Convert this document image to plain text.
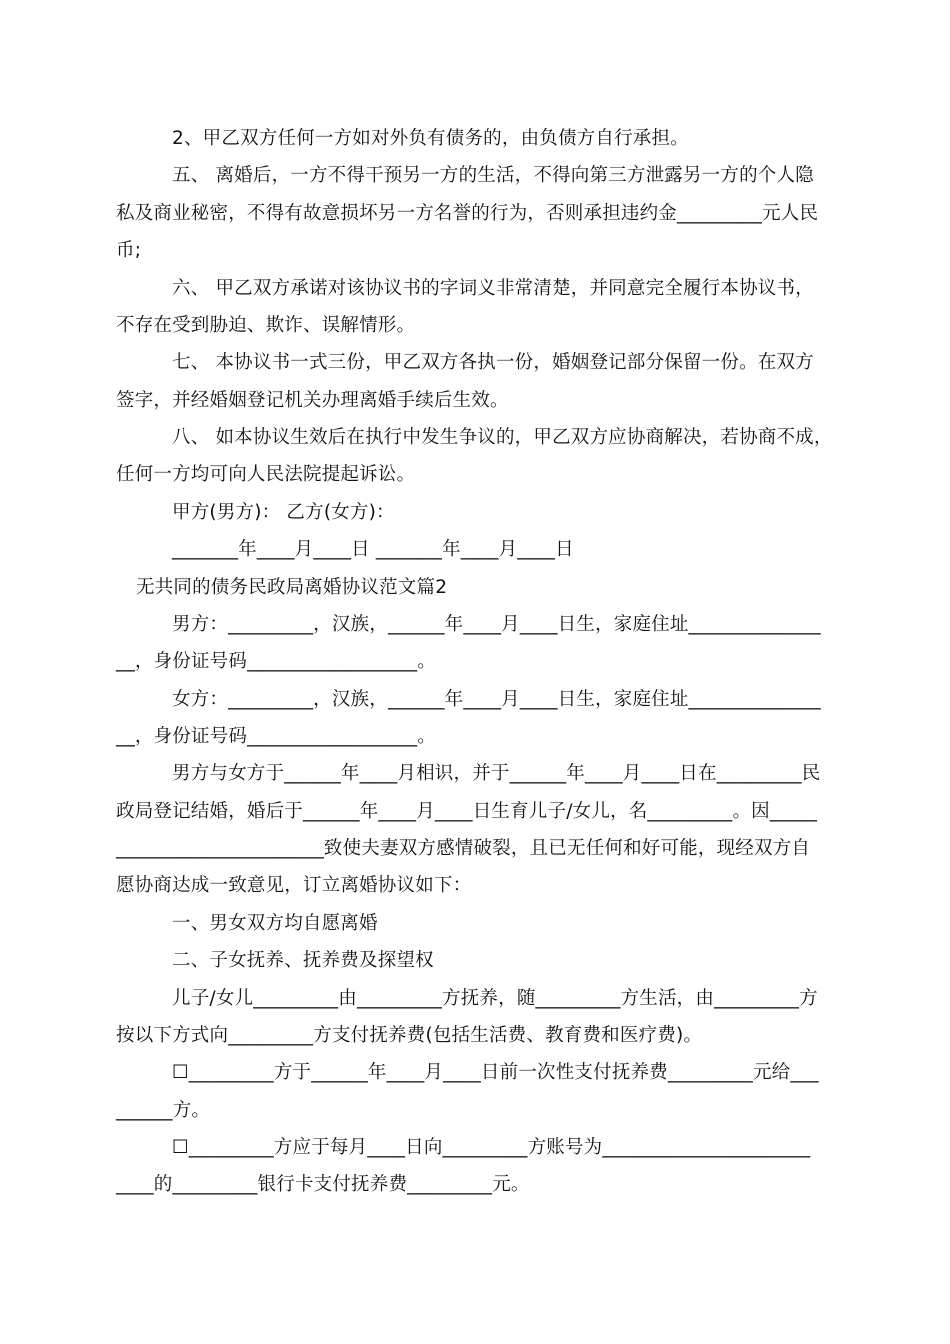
2、甲乙双方任何一方如对外负有债务的，由负债方自行承担。
五、 离婚后，一方不得干预另一方的生活，不得向第三方泄露另一方的个人隐
私及商业秘密，不得有故意损坏另一方名誉的行为，否则承担违约金_________元人民
币;
六、 甲乙双方承诺对该协议书的字词义非常清楚，并同意完全履行本协议书，
不存在受到胁迫、欺诈、误解情形。
七、 本协议书一式三份，甲乙双方各执一份，婚姻登记部分保留一份。在双方
签字，并经婚姻登记机关办理离婚手续后生效。
八、 如本协议生效后在执行中发生争议的，甲乙双方应协商解决，若协商不成，
任何一方均可向人民法院提起诉讼。
甲方(男方)： 乙方(女方)：
_______年____月____日 _______年____月____日
无共同的债务民政局离婚协议范文篇2
男方：_________，汉族，______年____月____日生，家庭住址______________
__，身份证号码__________________。
女方：_________，汉族，______年____月____日生，家庭住址______________
__，身份证号码__________________。
男方与女方于______年____月相识，并于______年____月____日在_________民
政局登记结婚，婚后于______年____月____日生育儿子/女儿，名_________。因_____
______________________致使夫妻双方感情破裂，且已无任何和好可能，现经双方自
愿协商达成一致意见，订立离婚协议如下：
一、男女双方均自愿离婚
二、子女抚养、抚养费及探望权
儿子/女儿_________由_________方抚养，随_________方生活，由_________方
按以下方式向_________方支付抚养费(包括生活费、教育费和医疗费)。
☐_________方于______年____月____日前一次性支付抚养费_________元给___
______方。
☐_________方应于每月____日向_________方账号为______________________
____的_________银行卡支付抚养费_________元。
